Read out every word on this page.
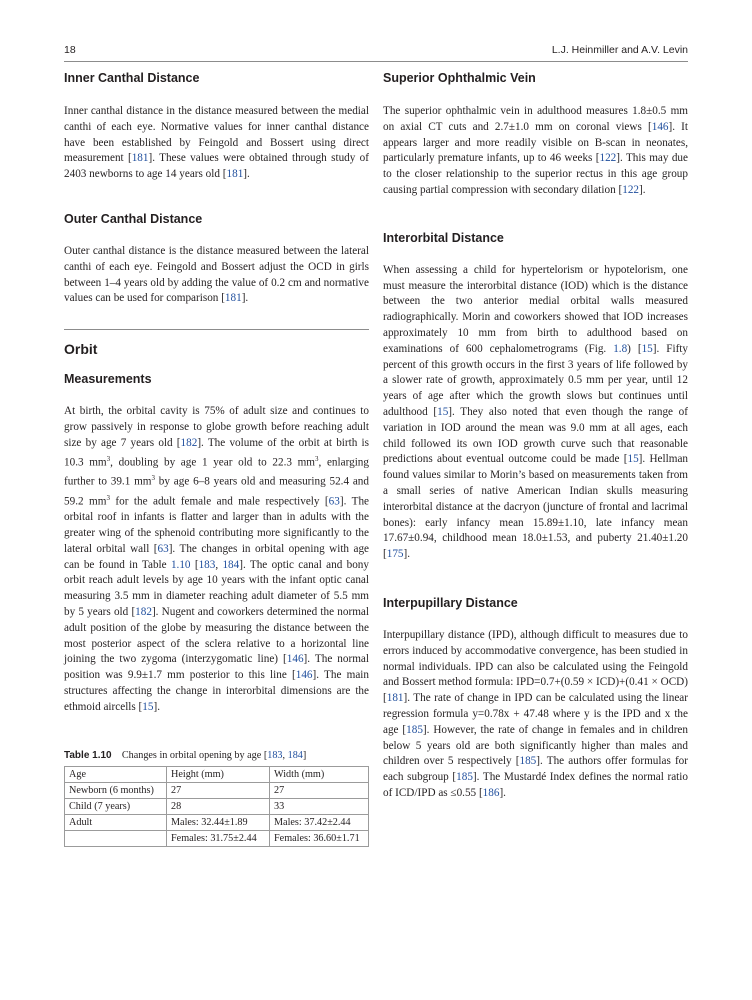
18	L.J. Heinmiller and A.V. Levin
Inner Canthal Distance
Inner canthal distance in the distance measured between the medial canthi of each eye. Normative values for inner canthal distance have been established by Feingold and Bossert using direct measurement [181]. These values were obtained through study of 2403 newborns to age 14 years old [181].
Outer Canthal Distance
Outer canthal distance is the distance measured between the lateral canthi of each eye. Feingold and Bossert adjust the OCD in girls between 1–4 years old by adding the value of 0.2 cm and normative values can be used for comparison [181].
Orbit
Measurements
At birth, the orbital cavity is 75% of adult size and continues to grow passively in response to globe growth before reaching adult size by age 7 years old [182]. The volume of the orbit at birth is 10.3 $mm^3$, doubling by age 1 year old to 22.3 $mm^3$, enlarging further to 39.1 $mm^3$ by age 6–8 years old and measuring 52.4 and 59.2 $mm^3$ for the adult female and male respectively [63]. The orbital roof in infants is flatter and larger than in adults with the greater wing of the sphenoid contributing more significantly to the lateral orbital wall [63]. The changes in orbital opening with age can be found in Table 1.10 [183, 184]. The optic canal and bony orbit reach adult levels by age 10 years with the infant optic canal measuring 3.5 mm in diameter reaching adult diameter of 5.5 mm by 5 years old [182]. Nugent and coworkers determined the normal adult position of the globe by measuring the distance between the most posterior aspect of the sclera relative to a horizontal line joining the two zygoma (interzygomatic line) [146]. The normal position was 9.9±1.7 mm posterior to this line [146]. The main structures affecting the change in interorbital dimensions are the ethmoid aircells [15].
Table 1.10 Changes in orbital opening by age [183, 184]
Age	Height (mm)	Width (mm)
Newborn (6 months)	27	27
Child (7 years)	28	33
Adult	Males: 32.44±1.89	Males: 37.42±2.44
	Females: 31.75±2.44	Females: 36.60±1.71
Superior Ophthalmic Vein
The superior ophthalmic vein in adulthood measures 1.8±0.5 mm on axial CT cuts and 2.7±1.0 mm on coronal views [146]. It appears larger and more readily visible on B-scan in neonates, particularly premature infants, up to 46 weeks [122]. This may due to the closer relationship to the superior rectus in this age group causing partial compression with secondary dilation [122].
Interorbital Distance
When assessing a child for hypertelorism or hypotelorism, one must measure the interorbital distance (IOD) which is the distance between the two anterior medial orbital walls measured radiographically. Morin and coworkers showed that IOD increases approximately 10 mm from birth to adulthood based on examinations of 600 cephalometrograms (Fig. 1.8) [15]. Fifty percent of this growth occurs in the first 3 years of life followed by a slower rate of growth, approximately 0.5 mm per year, until 12 years of age after which the growth slows but continues until adulthood [15]. They also noted that even though the range of variation in IOD around the mean was 9.0 mm at all ages, each child followed its own IOD growth curve such that reasonable predictions about eventual outcome could be made [15]. Hellman found values similar to Morin’s based on measurements taken from a small series of native American Indian skulls measuring interorbital distance at the dacryon (juncture of frontal and lacrimal bones): early infancy mean 15.89±1.10, late infancy mean 17.67±0.94, childhood mean 18.0±1.53, and puberty 21.40±1.20 [175].
Interpupillary Distance
Interpupillary distance (IPD), although difficult to measures due to errors induced by accommodative convergence, has been studied in normal individuals. IPD can also be calculated using the Feingold and Bossert method formula: IPD=0.7+(0.59 × ICD)+(0.41 × OCD) [181]. The rate of change in IPD can be calculated using the linear regression formula y=0.78x + 47.48 where y is the IPD and x the age [185]. However, the rate of change in females and in children below 5 years old are both significantly higher than males and children over 5 respectively [185]. The authors offer formulas for each subgroup [185]. The Mustardé Index defines the normal ratio of ICD/IPD as ≤0.55 [186].
